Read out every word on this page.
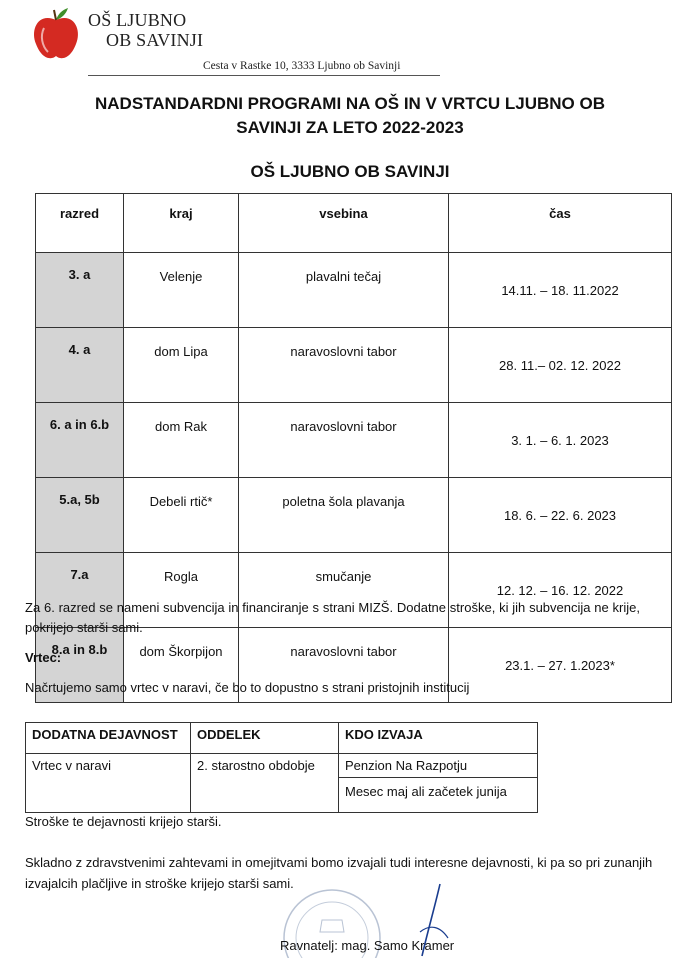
OŠ LJUBNO
OB SAVINJI
Cesta v Rastke 10, 3333 Ljubno ob Savinji
NADSTANDARDNI PROGRAMI NA OŠ IN V VRTCU LJUBNO OB
SAVINJI ZA LETO 2022-2023
OŠ LJUBNO OB SAVINJI
razred	kraj	vsebina	čas
3. a	Velenje	plavalni tečaj	14.11. – 18. 11.2022
4. a	dom Lipa	naravoslovni tabor	28. 11.– 02. 12. 2022
6. a in 6.b	dom Rak	naravoslovni tabor	3. 1. – 6. 1. 2023
5.a, 5b	Debeli rtič*	poletna šola plavanja	18. 6. – 22. 6. 2023
7.a	Rogla	smučanje	12. 12. – 16. 12. 2022
8.a in 8.b	dom Škorpijon	naravoslovni tabor	23.1. – 27. 1.2023*
Za 6. razred se nameni subvencija in financiranje s strani MIZŠ. Dodatne stroške, ki jih subvencija ne krije, pokrijejo starši sami.
Vrtec:
Načrtujemo samo vrtec v naravi, če bo to dopustno s strani pristojnih institucij
DODATNA DEJAVNOST	ODDELEK	KDO IZVAJA
Vrtec v naravi	2. starostno obdobje	Penzion Na Razpotju
Mesec maj ali začetek junija
Stroške te dejavnosti krijejo starši.
Skladno z zdravstvenimi zahtevami in omejitvami bomo izvajali tudi interesne dejavnosti, ki pa so pri zunanjih izvajalcih plačljive in stroške krijejo starši sami.
Ravnatelj: mag. Samo Kramer
